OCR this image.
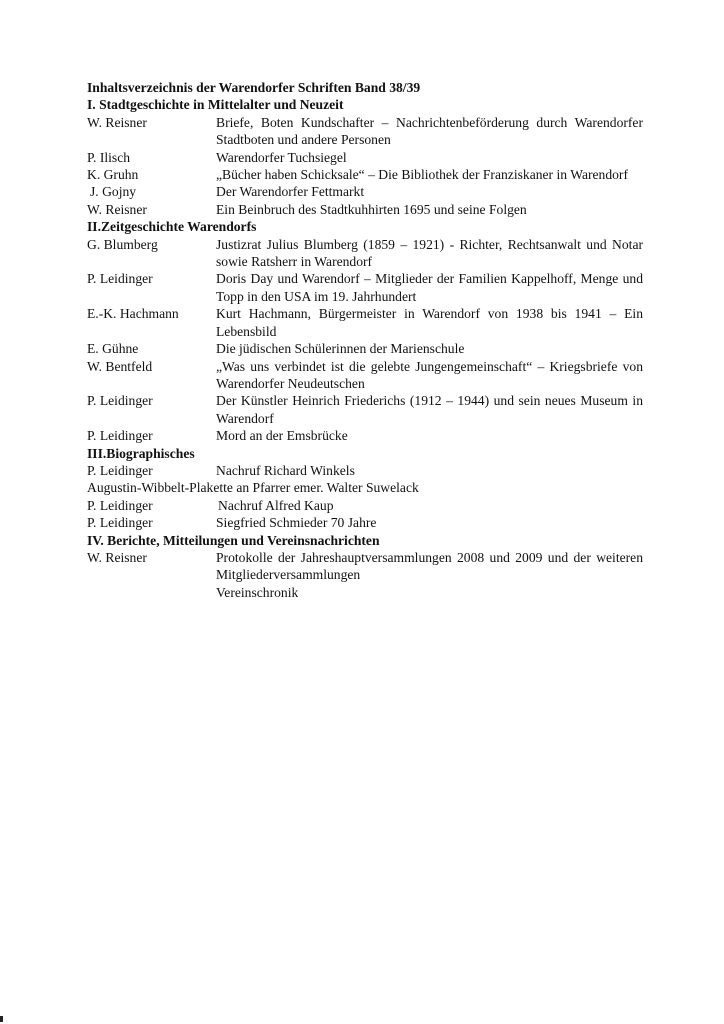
Inhaltsverzeichnis der Warendorfer Schriften Band 38/39
I. Stadtgeschichte in Mittelalter und Neuzeit
W. Reisner	Briefe, Boten Kundschafter – Nachrichtenbeförderung durch Warendorfer Stadtboten und andere Personen
P. Ilisch	Warendorfer Tuchsiegel
K. Gruhn	„Bücher haben Schicksale“ – Die Bibliothek der Franziskaner in Warendorf
J. Gojny	Der Warendorfer Fettmarkt
W. Reisner	Ein Beinbruch des Stadtkuhhirten 1695 und seine Folgen
II.Zeitgeschichte Warendorfs
G. Blumberg	Justizrat Julius Blumberg (1859 – 1921) - Richter, Rechtsanwalt und Notar sowie Ratsherr in Warendorf
P. Leidinger	Doris Day und Warendorf – Mitglieder der Familien Kappelhoff, Menge und Topp in den USA im 19. Jahrhundert
E.-K. Hachmann	Kurt Hachmann, Bürgermeister in Warendorf von 1938 bis 1941 – Ein Lebensbild
E. Gühne	Die jüdischen Schülerinnen der Marienschule
W. Bentfeld	„Was uns verbindet ist die gelebte Jungengemeinschaft“ – Kriegsbriefe von Warendorfer Neudeutschen
P. Leidinger	Der Künstler Heinrich Friederichs (1912 – 1944) und sein neues Museum in Warendorf
P. Leidinger	Mord an der Emsbrücke
III.Biographisches
P. Leidinger	Nachruf Richard Winkels
Augustin-Wibbelt-Plakette an Pfarrer emer. Walter Suwelack
P. Leidinger	Nachruf Alfred Kaup
P. Leidinger	Siegfried Schmieder 70 Jahre
IV. Berichte, Mitteilungen und Vereinsnachrichten
W. Reisner	Protokolle der Jahreshauptversammlungen 2008 und 2009 und der weiteren Mitgliederversammlungen
Vereinschronik
